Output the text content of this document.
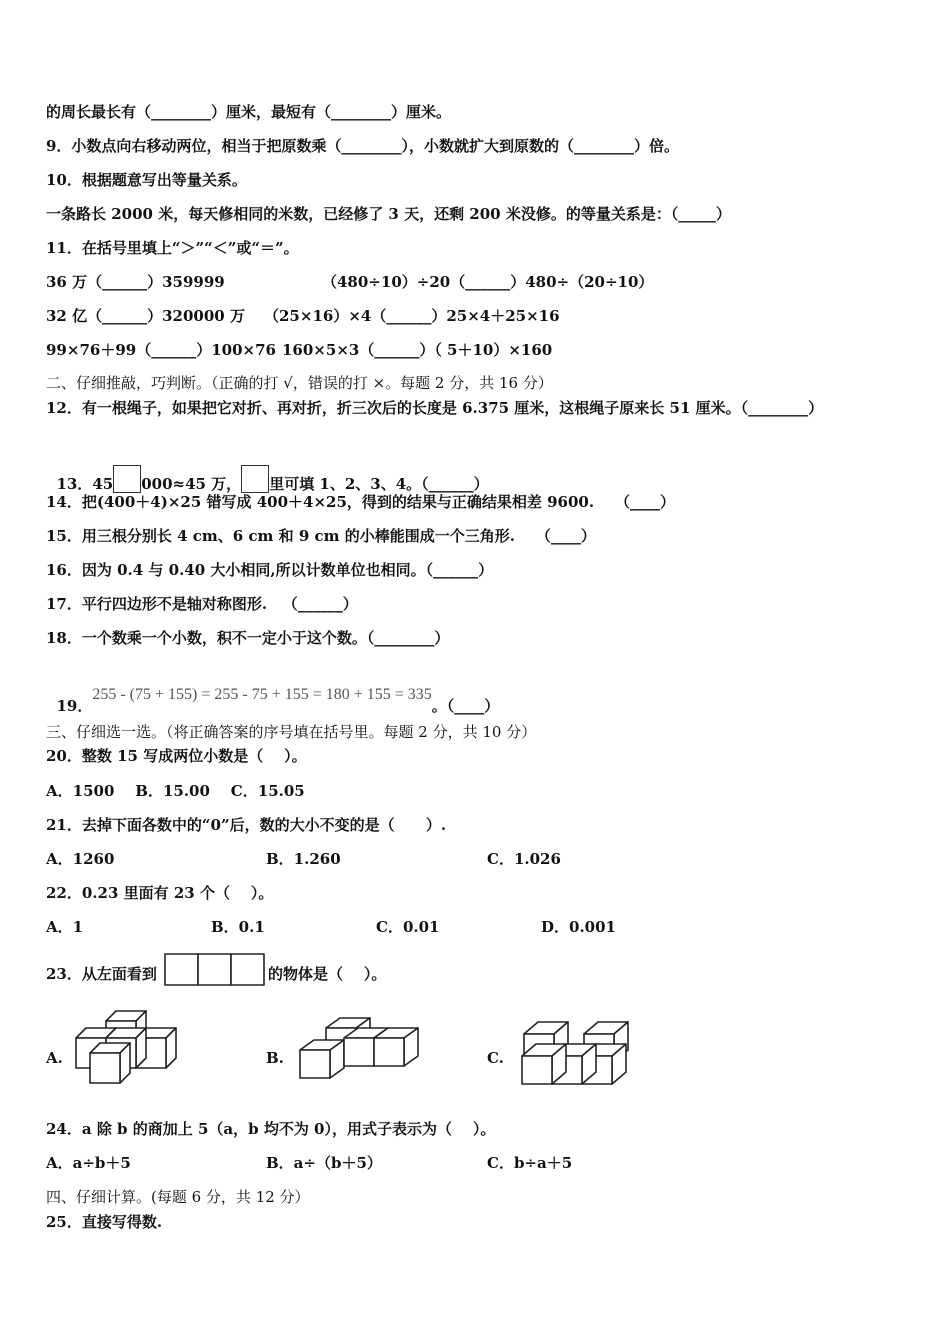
的周长最长有（________）厘米，最短有（________）厘米。
9．小数点向右移动两位，相当于把原数乘（________），小数就扩大到原数的（________）倍。
10．根据题意写出等量关系。
一条路长 2000 米，每天修相同的米数，已经修了 3 天，还剩 200 米没修。的等量关系是：（_____）
11．在括号里填上“＞”“＜”或“＝”。
36 万（______）359999	（480÷10）÷20（______）480÷（20÷10）
32 亿（______）320000 万 （25×16）×4（______）25×4＋25×16
99×76＋99（______）100×76 160×5×3（______）（ 5＋10）×160
二、仔细推敲，巧判断。（正确的打 √，错误的打 ×。每题 2 分，共 16 分）
12．有一根绳子，如果把它对折、再对折，折三次后的长度是 6.375 厘米，这根绳子原来长 51 厘米。（________）

13．45 000≈45 万， 里可填 1、2、3、4。（______）

14．把(400＋4)×25 错写成 400＋4×25，得到的结果与正确结果相差 9600.    （____）
15．用三根分别长 4 cm、6 cm 和 9 cm 的小棒能围成一个三角形.    （____）
16．因为 0.4 与 0.40 大小相同,所以计数单位也相同。（______）
17．平行四边形不是轴对称图形.   （______）
18．一个数乘一个小数，积不一定小于这个数。（________）

19．255 - (75 + 155) = 255 - 75 + 155 = 180 + 155 = 335。（____）

三、仔细选一选。（将正确答案的序号填在括号里。每题 2 分，共 10 分）
20．整数 15 写成两位小数是（    ）。
A．1500    B．15.00    C．15.05
21．去掉下面各数中的“0”后，数的大小不变的是（      ）.
A．1260	B．1.260	C．1.026
22．0.23 里面有 23 个（    ）。
A．1	B．0.1	C．0.01	D．0.001
23．从左面看到	的物体是（    ）。
A.	B.	C.
24．a 除 b 的商加上 5（a，b 均不为 0），用式子表示为（    ）。
A．a÷b＋5	B．a÷（b＋5）	C．b÷a＋5
四、仔细计算。(每题 6 分，共 12 分）
25．直接写得数.
